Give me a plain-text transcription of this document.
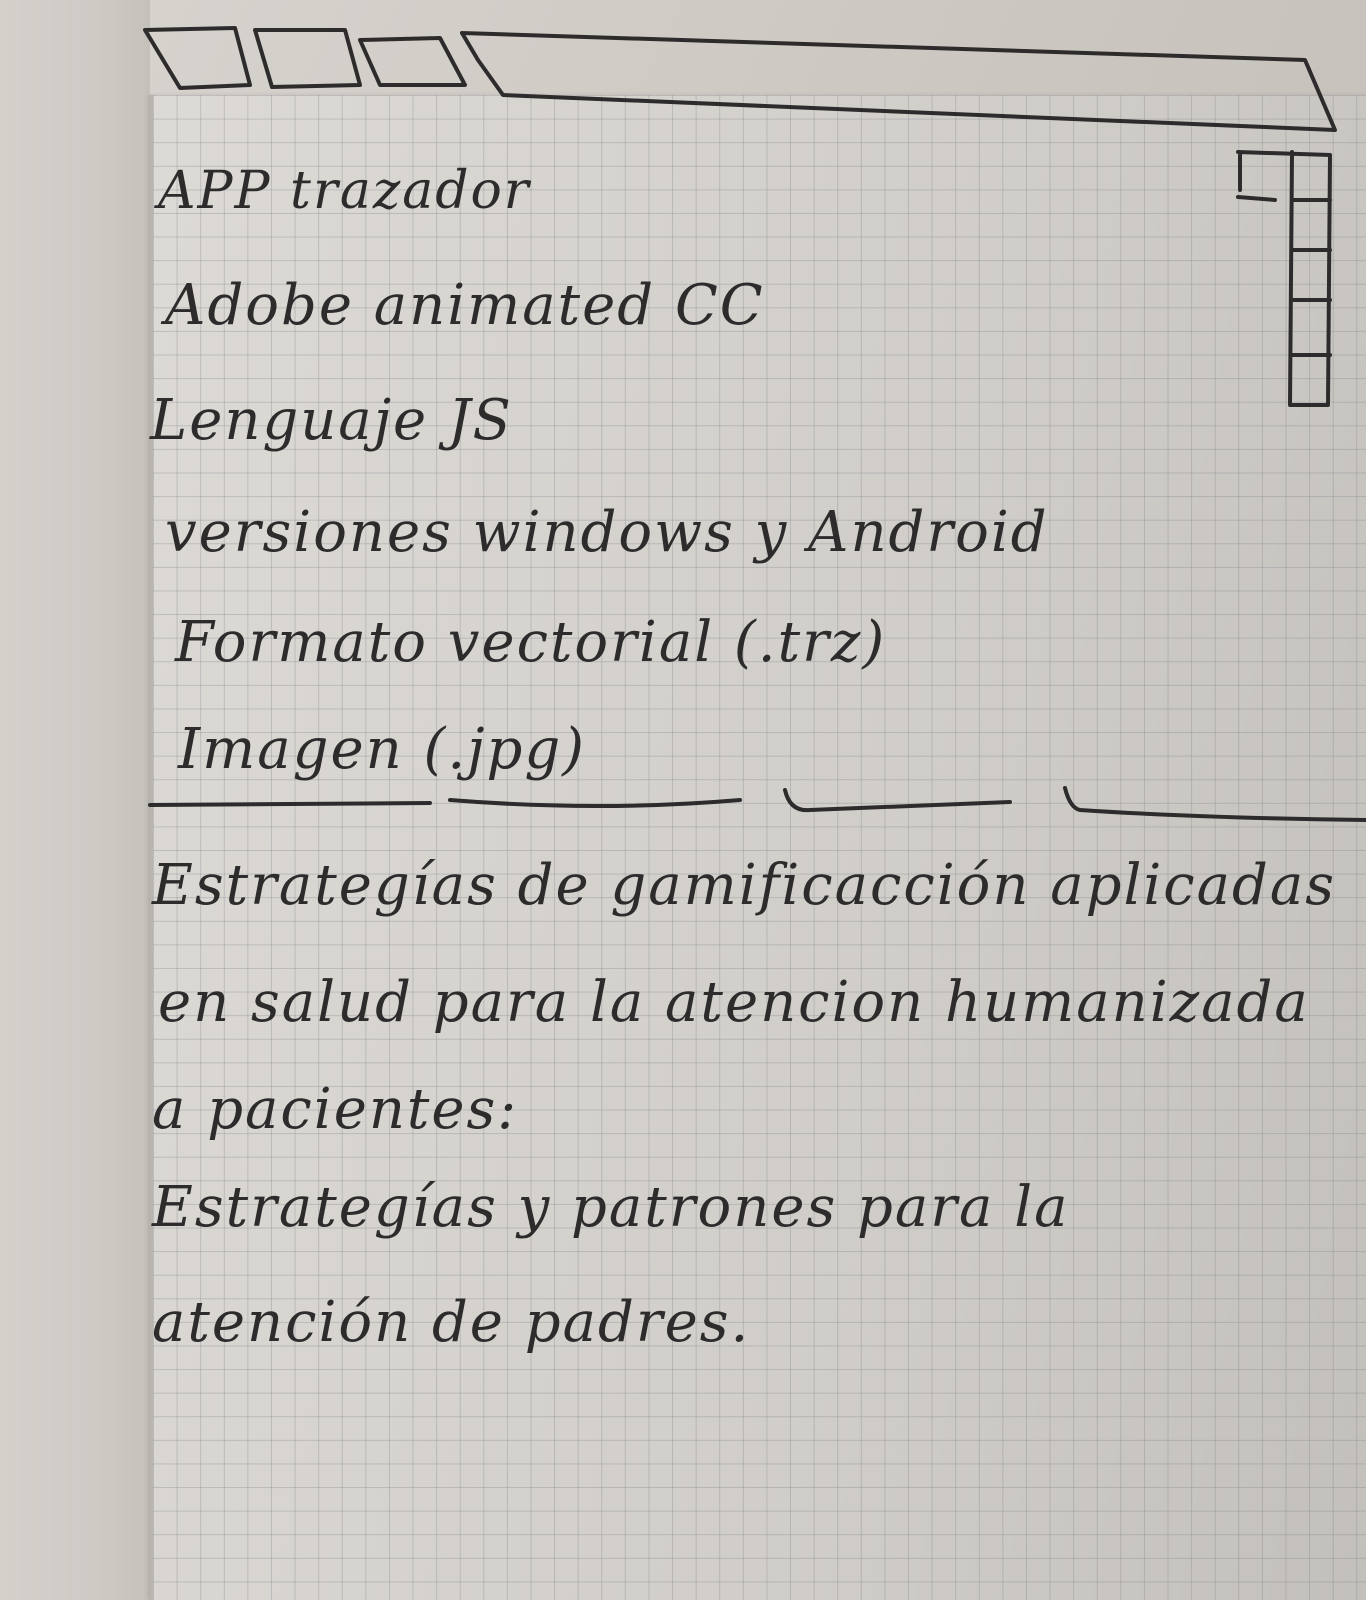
APP trazador
Adobe animated CC
Lenguaje JS
versiones windows y Android
Formato vectorial (.trz)
Imagen (.jpg)
Estrategías de gamificacción aplicadas
en salud para la atencion humanizada
a pacientes:
Estrategías y patrones para la
atención de padres.
